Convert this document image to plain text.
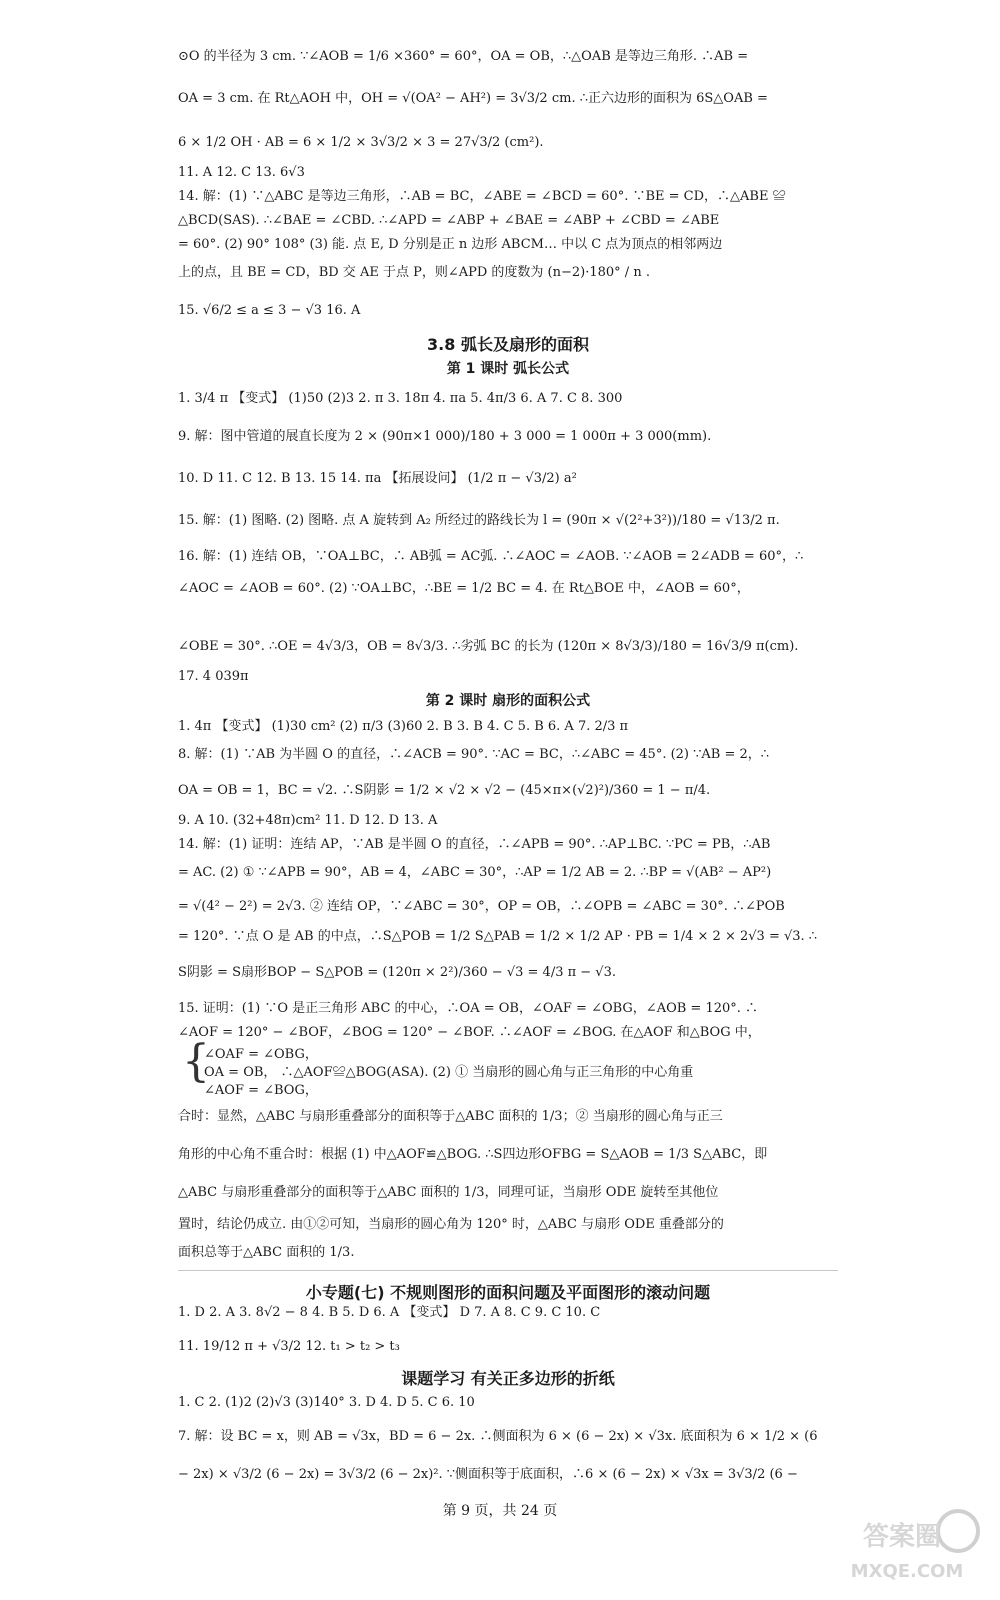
⊙O 的半径为 3 cm. ∵∠AOB = 1/6 ×360° = 60°，OA = OB，∴△OAB 是等边三角形. ∴AB =
OA = 3 cm. 在 Rt△AOH 中，OH = √(OA² − AH²) = 3√3/2 cm. ∴正六边形的面积为 6S△OAB =
6 × 1/2 OH · AB = 6 × 1/2 × 3√3/2 × 3 = 27√3/2 (cm²).
11. A 12. C 13. 6√3
14. 解：(1) ∵△ABC 是等边三角形，∴AB = BC，∠ABE = ∠BCD = 60°. ∵BE = CD，∴△ABE ≌
△BCD(SAS). ∴∠BAE = ∠CBD. ∴∠APD = ∠ABP + ∠BAE = ∠ABP + ∠CBD = ∠ABE
= 60°. (2) 90° 108° (3) 能. 点 E, D 分别是正 n 边形 ABCM… 中以 C 点为顶点的相邻两边
上的点，且 BE = CD，BD 交 AE 于点 P，则∠APD 的度数为 (n−2)·180° / n .
15. √6/2 ≤ a ≤ 3 − √3 16. A
3.8 弧长及扇形的面积
第 1 课时 弧长公式
1. 3/4 π 【变式】 (1)50 (2)3 2. π 3. 18π 4. πa 5. 4π/3 6. A 7. C 8. 300
9. 解：图中管道的展直长度为 2 × (90π×1 000)/180 + 3 000 = 1 000π + 3 000(mm).
10. D 11. C 12. B 13. 15 14. πa 【拓展设问】 (1/2 π − √3/2) a²
15. 解：(1) 图略. (2) 图略. 点 A 旋转到 A₂ 所经过的路线长为 l = (90π × √(2²+3²))/180 = √13/2 π.
16. 解：(1) 连结 OB，∵OA⊥BC，∴ AB弧 = AC弧. ∴∠AOC = ∠AOB. ∵∠AOB = 2∠ADB = 60°，∴
∠AOC = ∠AOB = 60°. (2) ∵OA⊥BC，∴BE = 1/2 BC = 4. 在 Rt△BOE 中，∠AOB = 60°，
∠OBE = 30°. ∴OE = 4√3/3，OB = 8√3/3. ∴劣弧 BC 的长为 (120π × 8√3/3)/180 = 16√3/9 π(cm).
17. 4 039π
第 2 课时 扇形的面积公式
1. 4π 【变式】 (1)30 cm² (2) π/3 (3)60 2. B 3. B 4. C 5. B 6. A 7. 2/3 π
8. 解：(1) ∵AB 为半圆 O 的直径，∴∠ACB = 90°. ∵AC = BC，∴∠ABC = 45°. (2) ∵AB = 2，∴
OA = OB = 1，BC = √2. ∴S阴影 = 1/2 × √2 × √2 − (45×π×(√2)²)/360 = 1 − π/4.
9. A 10. (32+48π)cm² 11. D 12. D 13. A
14. 解：(1) 证明：连结 AP，∵AB 是半圆 O 的直径，∴∠APB = 90°. ∴AP⊥BC. ∵PC = PB，∴AB
= AC. (2) ① ∵∠APB = 90°，AB = 4，∠ABC = 30°，∴AP = 1/2 AB = 2. ∴BP = √(AB² − AP²)
= √(4² − 2²) = 2√3. ② 连结 OP，∵∠ABC = 30°，OP = OB，∴∠OPB = ∠ABC = 30°. ∴∠POB
= 120°. ∵点 O 是 AB 的中点，∴S△POB = 1/2 S△PAB = 1/2 × 1/2 AP · PB = 1/4 × 2 × 2√3 = √3. ∴
S阴影 = S扇形BOP − S△POB = (120π × 2²)/360 − √3 = 4/3 π − √3.
15. 证明：(1) ∵O 是正三角形 ABC 的中心，∴OA = OB，∠OAF = ∠OBG，∠AOB = 120°. ∴
∠AOF = 120° − ∠BOF，∠BOG = 120° − ∠BOF. ∴∠AOF = ∠BOG. 在△AOF 和△BOG 中，
{
∠OAF = ∠OBG，
OA = OB， ∴△AOF≌△BOG(ASA). (2) ① 当扇形的圆心角与正三角形的中心角重
∠AOF = ∠BOG，
合时：显然，△ABC 与扇形重叠部分的面积等于△ABC 面积的 1/3；② 当扇形的圆心角与正三
角形的中心角不重合时：根据 (1) 中△AOF≌△BOG. ∴S四边形OFBG = S△AOB = 1/3 S△ABC，即
△ABC 与扇形重叠部分的面积等于△ABC 面积的 1/3，同理可证，当扇形 ODE 旋转至其他位
置时，结论仍成立. 由①②可知，当扇形的圆心角为 120° 时，△ABC 与扇形 ODE 重叠部分的
面积总等于△ABC 面积的 1/3.
小专题(七) 不规则图形的面积问题及平面图形的滚动问题
1. D 2. A 3. 8√2 − 8 4. B 5. D 6. A 【变式】 D 7. A 8. C 9. C 10. C
11. 19/12 π + √3/2 12. t₁ > t₂ > t₃
课题学习 有关正多边形的折纸
1. C 2. (1)2 (2)√3 (3)140° 3. D 4. D 5. C 6. 10
7. 解：设 BC = x，则 AB = √3x，BD = 6 − 2x. ∴侧面积为 6 × (6 − 2x) × √3x. 底面积为 6 × 1/2 × (6
− 2x) × √3/2 (6 − 2x) = 3√3/2 (6 − 2x)². ∵侧面积等于底面积，∴6 × (6 − 2x) × √3x = 3√3/2 (6 −
第 9 页，共 24 页
答案圈
MXQE.COM
